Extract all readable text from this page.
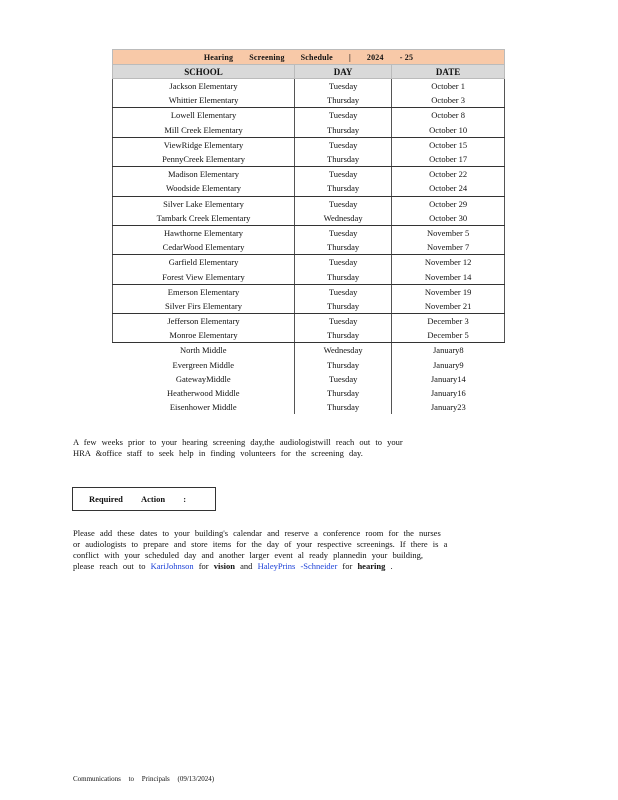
Hearing Screening Schedule | 2024 - 25		
SCHOOL	DAY	DATE
Jackson Elementary	Tuesday	October 1
Whittier Elementary	Thursday	October 3
Lowell Elementary	Tuesday	October 8
Mill Creek Elementary	Thursday	October 10
ViewRidge Elementary	Tuesday	October 15
PennyCreek Elementary	Thursday	October 17
Madison Elementary	Tuesday	October 22
Woodside Elementary	Thursday	October 24
Silver Lake Elementary	Tuesday	October 29
Tambark Creek Elementary	Wednesday	October 30
Hawthorne Elementary	Tuesday	November 5
CedarWood Elementary	Thursday	November 7
Garfield Elementary	Tuesday	November 12
Forest View Elementary	Thursday	November 14
Emerson Elementary	Tuesday	November 19
Silver Firs Elementary	Thursday	November 21
Jefferson Elementary	Tuesday	December 3
Monroe Elementary	Thursday	December 5
North Middle	Wednesday	January8
Evergreen Middle	Thursday	January9
GatewayMiddle	Tuesday	January14
Heatherwood Middle	Thursday	January16
Eisenhower Middle	Thursday	January23
A few weeks prior to your hearing screening day,the audiologistwill reach out to your
HRA &office staff to seek help in finding volunteers for the screening day.
Required Action :
Please add these dates to your building's calendar and reserve a conference room for the nurses
or audiologists to prepare and store items for the day of your respective screenings. If there is a
conflict with your scheduled day and another larger event al ready plannedin your building,
please reach out to KariJohnson for vision and HaleyPrins -Schneider for hearing .
Communications to Principals (09/13/2024)
